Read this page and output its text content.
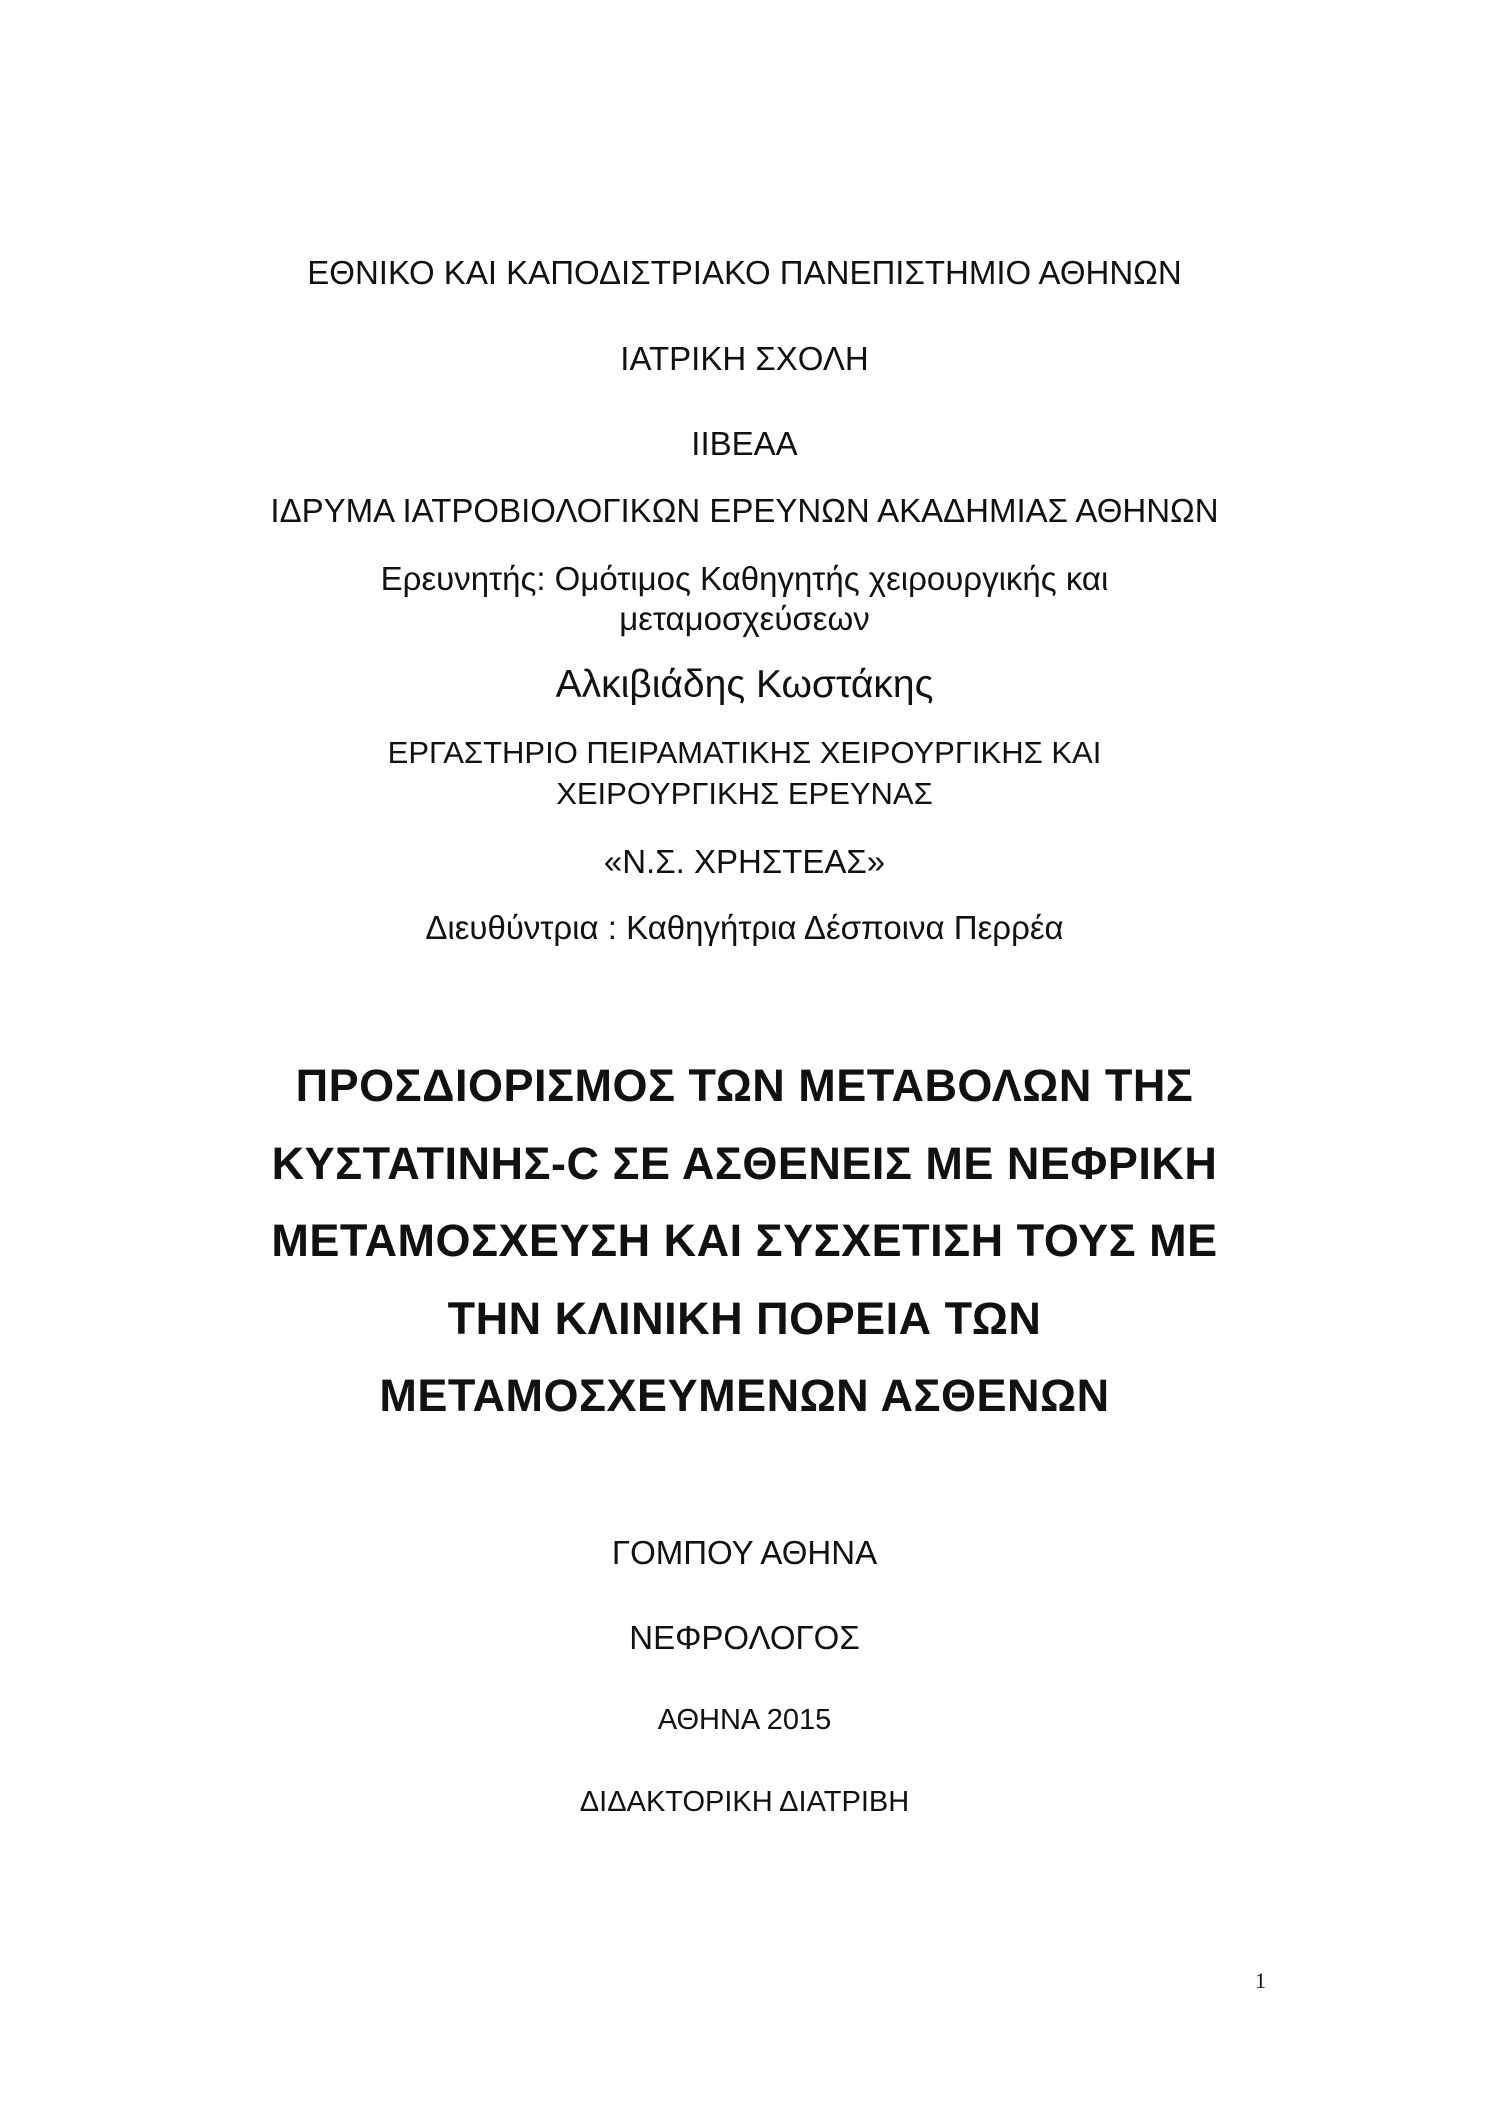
ΕΘΝΙΚΟ ΚΑΙ ΚΑΠΟΔΙΣΤΡΙΑΚΟ ΠΑΝΕΠΙΣΤΗΜΙΟ ΑΘΗΝΩΝ
ΙΑΤΡΙΚΗ ΣΧΟΛΗ
IIBEAA
ΙΔΡΥΜΑ ΙΑΤΡΟΒΙΟΛΟΓΙΚΩΝ ΕΡΕΥΝΩΝ ΑΚΑΔΗΜΙΑΣ ΑΘΗΝΩΝ
Ερευνητής: Ομότιμος Καθηγητής χειρουργικής και
μεταμοσχεύσεων
Αλκιβιάδης Κωστάκης
ΕΡΓΑΣΤΗΡΙΟ ΠΕΙΡΑΜΑΤΙΚΗΣ ΧΕΙΡΟΥΡΓΙΚΗΣ ΚΑΙ
ΧΕΙΡΟΥΡΓΙΚΗΣ ΕΡΕΥΝΑΣ
«Ν.Σ. ΧΡΗΣΤΕΑΣ»
Διευθύντρια : Καθηγήτρια Δέσποινα Περρέα
ΠΡΟΣΔΙΟΡΙΣΜΟΣ ΤΩΝ ΜΕΤΑΒΟΛΩΝ ΤΗΣ
ΚΥΣΤΑΤΙΝΗΣ-C ΣΕ ΑΣΘΕΝΕΙΣ ΜΕ ΝΕΦΡΙΚΗ
ΜΕΤΑΜΟΣΧΕΥΣΗ ΚΑΙ ΣΥΣΧΕΤΙΣΗ ΤΟΥΣ ΜΕ
ΤΗΝ ΚΛΙΝΙΚΗ ΠΟΡΕΙΑ ΤΩΝ
ΜΕΤΑΜΟΣΧΕΥΜΕΝΩΝ ΑΣΘΕΝΩΝ
ΓΟΜΠΟΥ ΑΘΗΝΑ
ΝΕΦΡΟΛΟΓΟΣ
ΑΘΗΝΑ 2015
ΔΙΔΑΚΤΟΡΙΚΗ ΔΙΑΤΡΙΒΗ
1
